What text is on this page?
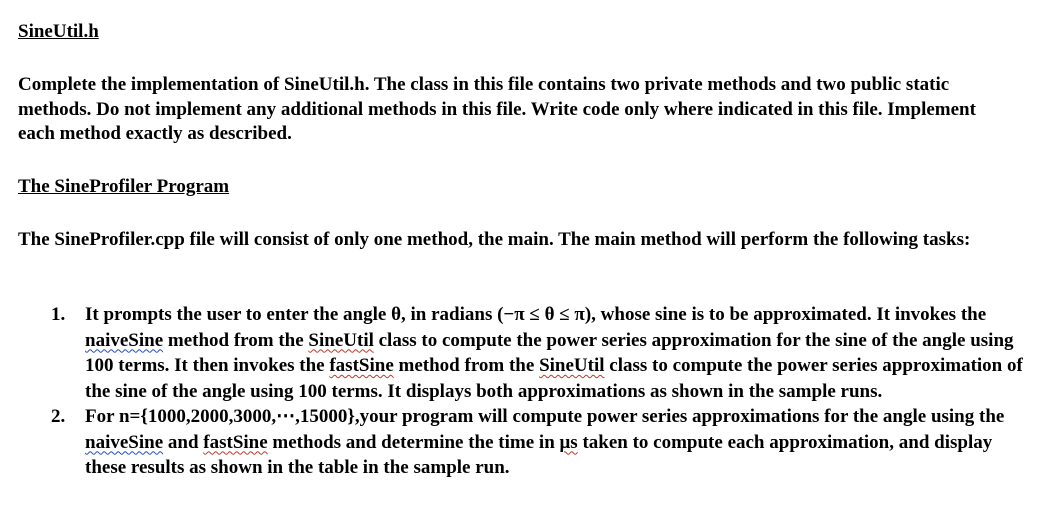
SineUtil.h

Complete the implementation of SineUtil.h. The class in this file contains two private methods and two public static methods. Do not implement any additional methods in this file. Write code only where indicated in this file. Implement each method exactly as described.

The SineProfiler Program

The SineProfiler.cpp file will consist of only one method, the main. The main method will perform the following tasks:

1. It prompts the user to enter the angle θ, in radians (−π ≤ θ ≤ π), whose sine is to be approximated. It invokes the naiveSine method from the SineUtil class to compute the power series approximation for the sine of the angle using 100 terms. It then invokes the fastSine method from the SineUtil class to compute the power series approximation of the sine of the angle using 100 terms. It displays both approximations as shown in the sample runs.
2. For n={1000,2000,3000,⋯,15000},your program will compute power series approximations for the angle using the naiveSine and fastSine methods and determine the time in μs taken to compute each approximation, and display these results as shown in the table in the sample run.
